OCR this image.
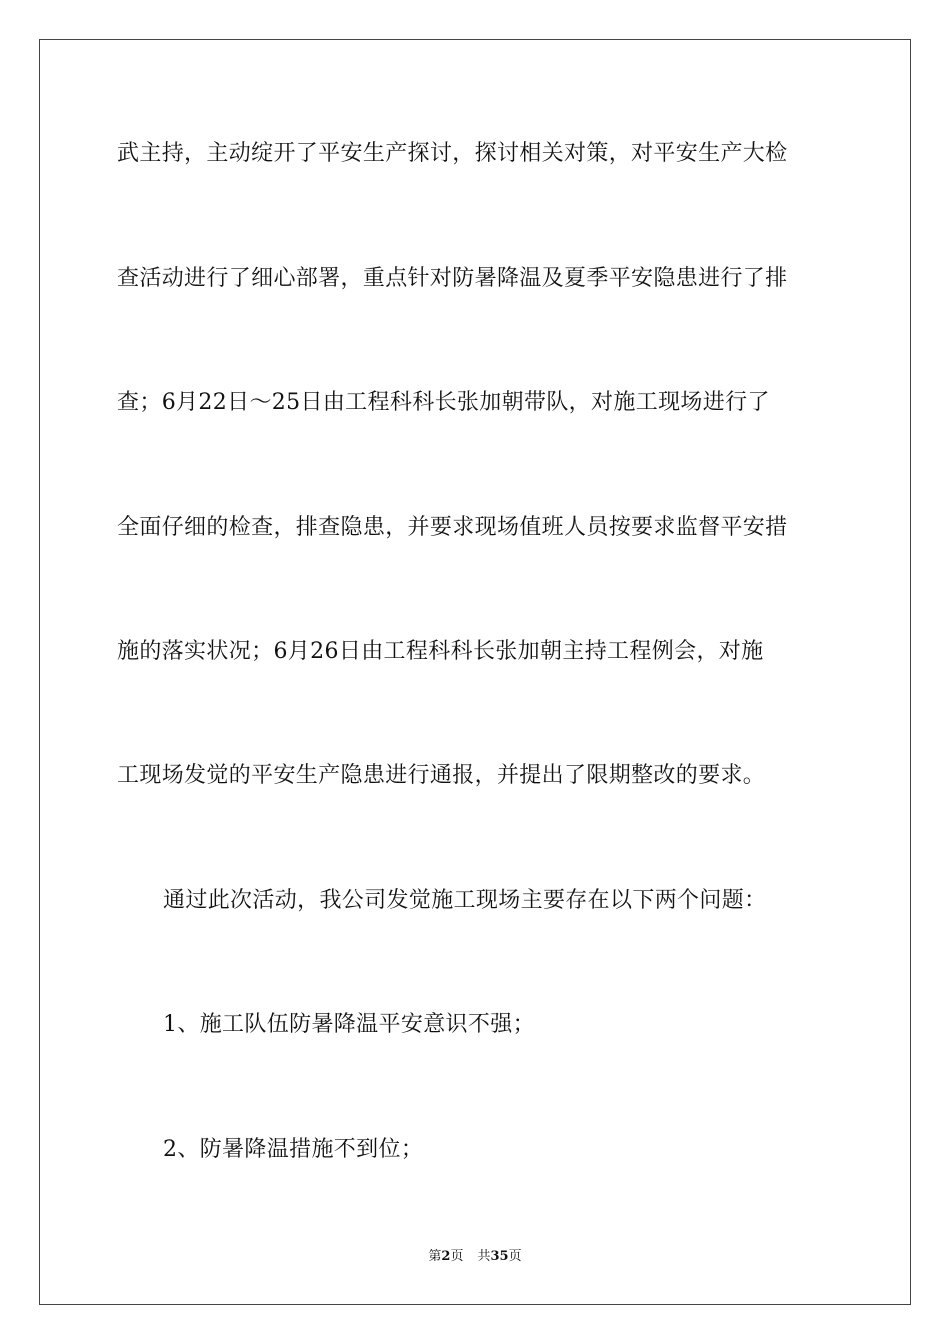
武主持，主动绽开了平安生产探讨，探讨相关对策，对平安生产大检
查活动进行了细心部署，重点针对防暑降温及夏季平安隐患进行了排
查；6月22日～25日由工程科科长张加朝带队，对施工现场进行了
全面仔细的检查，排查隐患，并要求现场值班人员按要求监督平安措
施的落实状况；6月26日由工程科科长张加朝主持工程例会，对施
工现场发觉的平安生产隐患进行通报，并提出了限期整改的要求。
通过此次活动，我公司发觉施工现场主要存在以下两个问题：
1、施工队伍防暑降温平安意识不强；
2、防暑降温措施不到位；
第2页 共35页
